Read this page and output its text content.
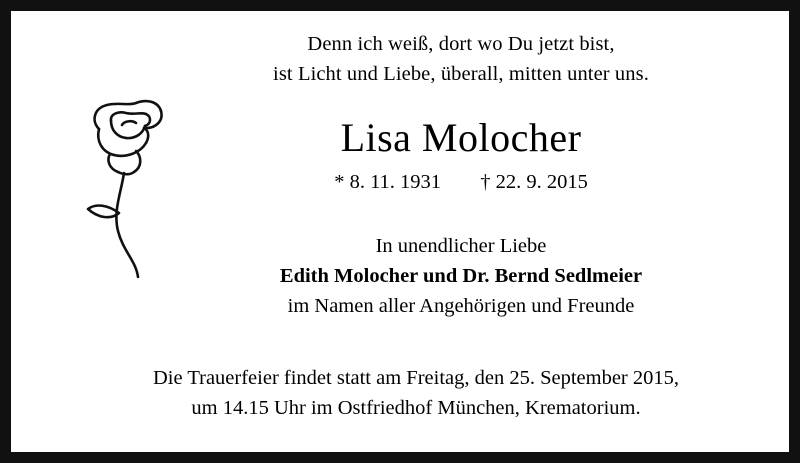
Denn ich weiß, dort wo Du jetzt bist,
ist Licht und Liebe, überall, mitten unter uns.
Lisa Molocher
* 8. 11. 1931 † 22. 9. 2015
In unendlicher Liebe
Edith Molocher und Dr. Bernd Sedlmeier
im Namen aller Angehörigen und Freunde
Die Trauerfeier findet statt am Freitag, den 25. September 2015,
um 14.15 Uhr im Ostfriedhof München, Krematorium.
